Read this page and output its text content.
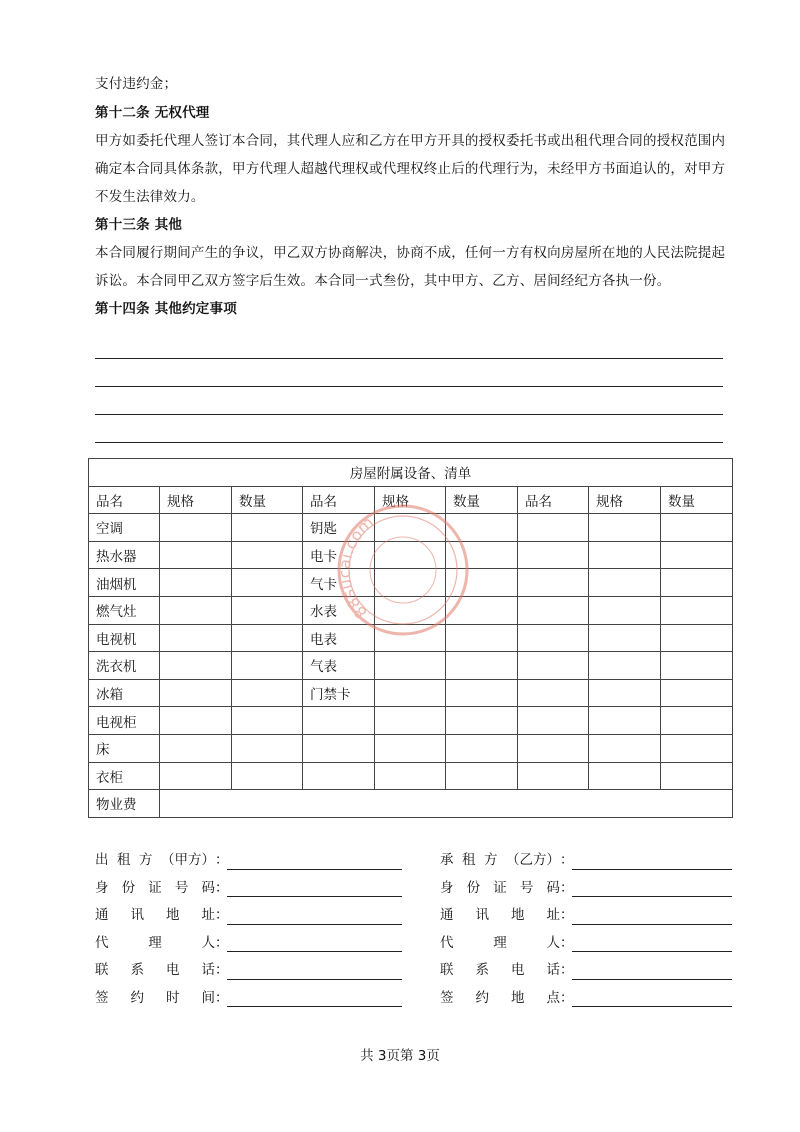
支付违约金；

第十二条 无权代理

甲方如委托代理人签订本合同，其代理人应和乙方在甲方开具的授权委托书或出租代理合同的授权范围内确定本合同具体条款，甲方代理人超越代理权或代理权终止后的代理行为，未经甲方书面追认的，对甲方不发生法律效力。

第十三条 其他

本合同履行期间产生的争议，甲乙双方协商解决，协商不成，任何一方有权向房屋所在地的人民法院提起诉讼。本合同甲乙双方签字后生效。本合同一式叁份，其中甲方、乙方、居间经纪方各执一份。

第十四条 其他约定事项

房屋附属设备、清单								
品名	规格	数量	品名	规格	数量	品名	规格	数量
空调			钥匙					
热水器			电卡					
油烟机			气卡					
燃气灶			水表					
电视机			电表					
洗衣机			气表					
冰箱			门禁卡					
电视柜								
床								
衣柜								
物业费								
出 租 方 （甲方） ：
身 份 证 号 码 ：
通 讯 地 址 ：
代	理	人 ：
联 系 电 话 ：
签 约 时 间 ：
承 租 方 （乙方） ：
身 份 证 号 码 ：
通 讯 地 址 ：
代	理	人 ：
联 系 电 话 ：
签 约 地 点 ：
共 3页第 3页
88sucai.com
